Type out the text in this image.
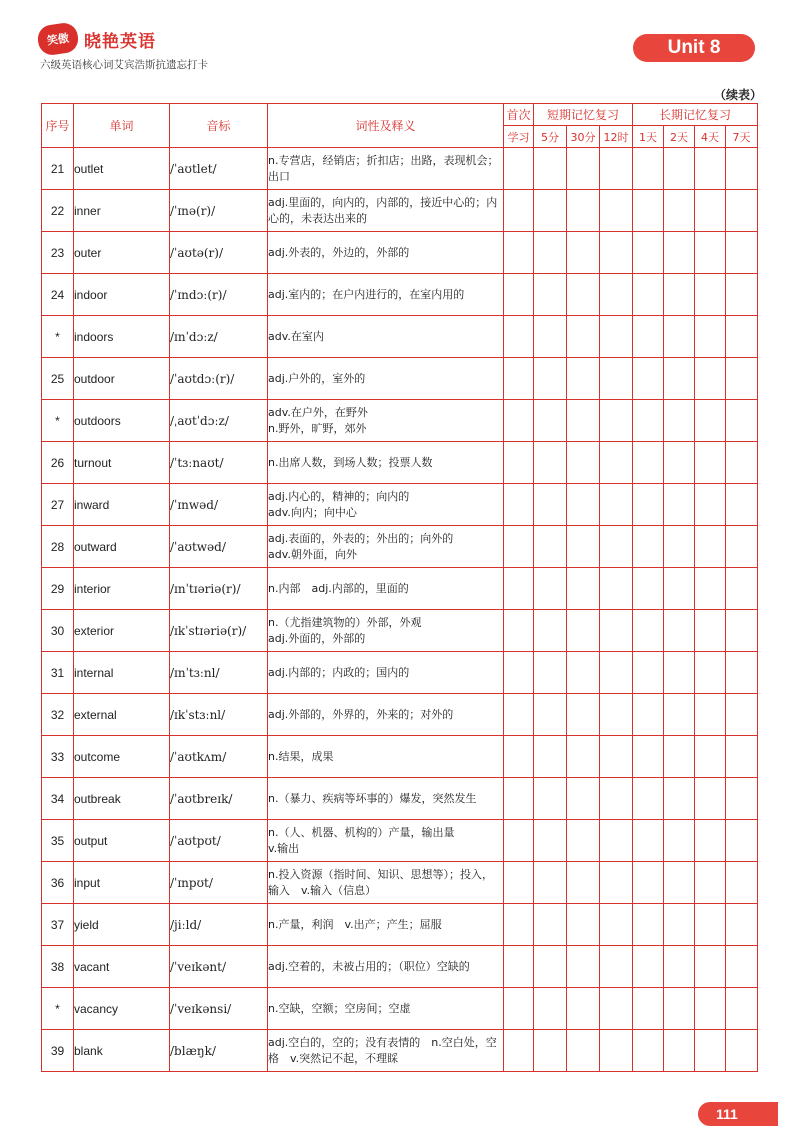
笑傲 晓艳英语
六级英语核心词艾宾浩斯抗遗忘打卡
Unit 8
（续表）
序号	单词	音标	词性及释义	首次	短期记忆复习			长期记忆复习			
				学习	5分	30分	12时	1天	2天	4天	7天
21	outlet	/ˈaʊtlet/	n.专营店，经销店；折扣店；出路，表现机会；出口								
22	inner	/ˈɪnə(r)/	adj.里面的，向内的，内部的，接近中心的；内心的，未表达出来的								
23	outer	/ˈaʊtə(r)/	adj.外表的，外边的，外部的								
24	indoor	/ˈɪndɔː(r)/	adj.室内的；在户内进行的，在室内用的								
*	indoors	/ɪnˈdɔːz/	adv.在室内								
25	outdoor	/ˈaʊtdɔː(r)/	adj.户外的，室外的								
*	outdoors	/ˌaʊtˈdɔːz/	adv.在户外，在野外
n.野外，旷野，郊外								
26	turnout	/ˈtɜːnaʊt/	n.出席人数，到场人数；投票人数								
27	inward	/ˈɪnwəd/	adj.内心的，精神的；向内的
adv.向内；向中心								
28	outward	/ˈaʊtwəd/	adj.表面的，外表的；外出的；向外的
adv.朝外面，向外								
29	interior	/ɪnˈtɪəriə(r)/	n.内部　adj.内部的，里面的								
30	exterior	/ɪkˈstɪəriə(r)/	n.（尤指建筑物的）外部，外观
adj.外面的，外部的								
31	internal	/ɪnˈtɜːnl/	adj.内部的；内政的；国内的								
32	external	/ɪkˈstɜːnl/	adj.外部的，外界的，外来的；对外的								
33	outcome	/ˈaʊtkʌm/	n.结果，成果								
34	outbreak	/ˈaʊtbreɪk/	n.（暴力、疾病等坏事的）爆发，突然发生								
35	output	/ˈaʊtpʊt/	n.（人、机器、机构的）产量，输出量
v.输出								
36	input	/ˈɪnpʊt/	n.投入资源（指时间、知识、思想等）；投入，输入　v.输入（信息）								
37	yield	/jiːld/	n.产量，利润　v.出产；产生；屈服								
38	vacant	/ˈveɪkənt/	adj.空着的，未被占用的；（职位）空缺的								
*	vacancy	/ˈveɪkənsi/	n.空缺，空额；空房间；空虚								
39	blank	/blæŋk/	adj.空白的，空的；没有表情的　n.空白处，空格　v.突然记不起，不理睬								
111
